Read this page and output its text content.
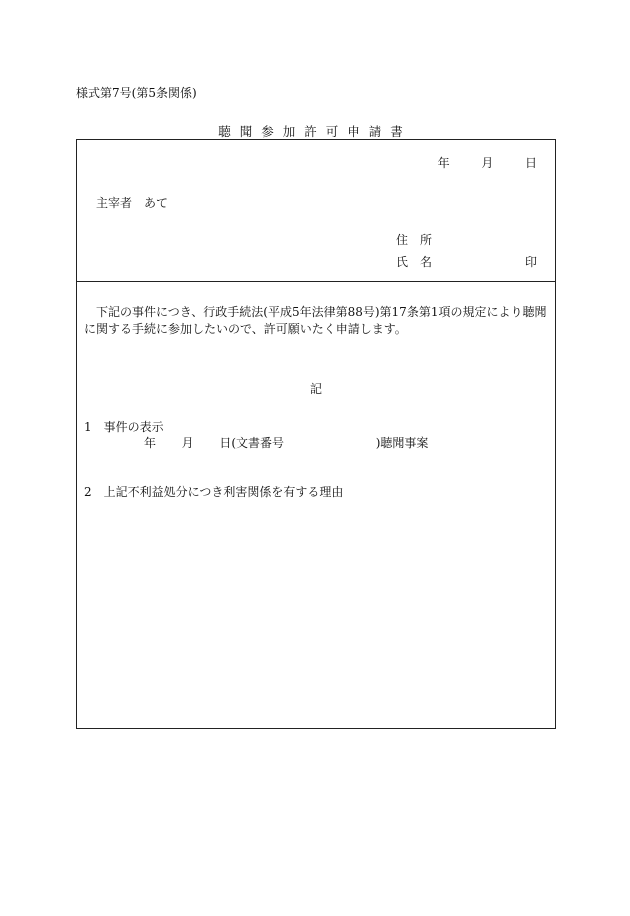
様式第7号(第5条関係)
聴聞参加許可申請書
年	月	日
主宰者　あて
住　所
氏　名	印
下記の事件につき、行政手続法(平成5年法律第88号)第17条第1項の規定により聴聞に関する手続に参加したいので、許可願いたく申請します。
記
1　事件の表示
年 月 日(文書番号	)聴聞事案
2　上記不利益処分につき利害関係を有する理由
